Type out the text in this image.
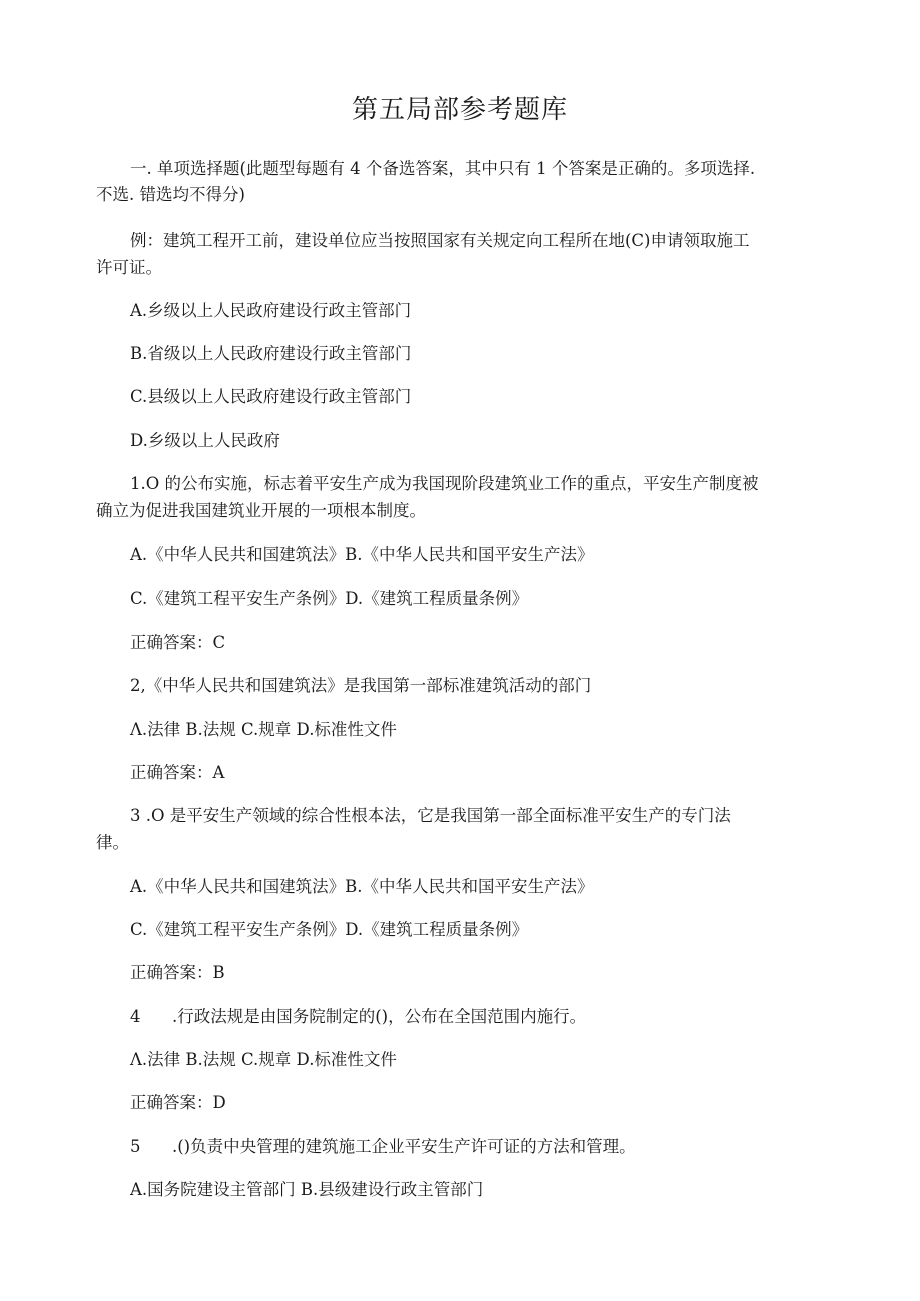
第五局部参考题库
一. 单项选择题(此题型每题有 4 个备选答案，其中只有 1 个答案是正确的。多项选择.
不选. 错选均不得分)
例：建筑工程开工前，建设单位应当按照国家有关规定向工程所在地(C)申请领取施工
许可证。
A.乡级以上人民政府建设行政主管部门
B.省级以上人民政府建设行政主管部门
C.县级以上人民政府建设行政主管部门
D.乡级以上人民政府
1.O 的公布实施，标志着平安生产成为我国现阶段建筑业工作的重点，平安生产制度被
确立为促进我国建筑业开展的一项根本制度。
A.《中华人民共和国建筑法》B.《中华人民共和国平安生产法》
C.《建筑工程平安生产条例》D.《建筑工程质量条例》
正确答案：C
2,《中华人民共和国建筑法》是我国第一部标准建筑活动的部门
Λ.法律 B.法规 C.规章 D.标准性文件
正确答案：A
3 .O 是平安生产领域的综合性根本法，它是我国第一部全面标准平安生产的专门法
律。
A.《中华人民共和国建筑法》B.《中华人民共和国平安生产法》
C.《建筑工程平安生产条例》D.《建筑工程质量条例》
正确答案：B
4	.行政法规是由国务院制定的()，公布在全国范围内施行。
Λ.法律 B.法规 C.规章 D.标准性文件
正确答案：D
5	.()负责中央管理的建筑施工企业平安生产许可证的方法和管理。
A.国务院建设主管部门 B.县级建设行政主管部门
